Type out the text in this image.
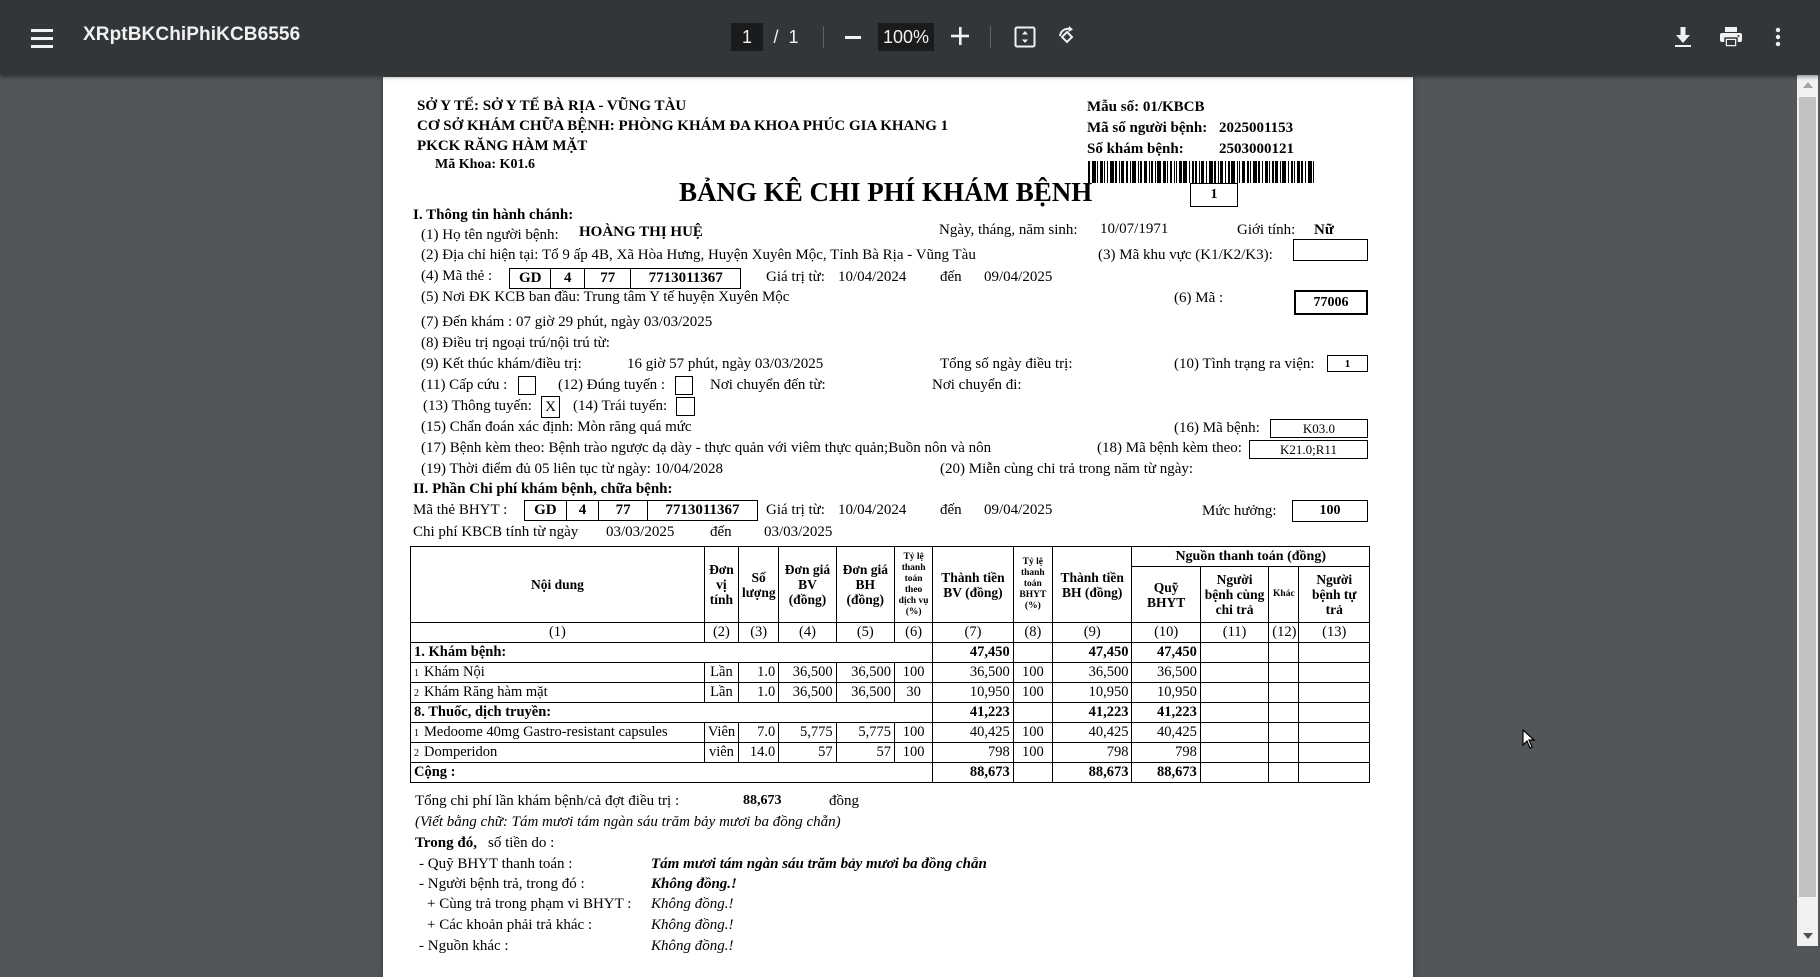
XRptBKChiPhiKCB6556	1	/
1	100%
SỞ Y TẾ: SỞ Y TẾ BÀ RỊA - VŨNG TÀU
CƠ SỞ KHÁM CHỮA BỆNH: PHÒNG KHÁM ĐA KHOA PHÚC GIA KHANG 1
PKCK RĂNG HÀM MẶT
Mã Khoa: K01.6
Mẫu số: 01/KBCB
Mã số người bệnh: 2025001153
Số khám bệnh: 2503000121
BẢNG KÊ CHI PHÍ KHÁM BỆNH	1
I. Thông tin hành chánh:
(1) Họ tên người bệnh: HOÀNG THỊ HUỆ	Ngày, tháng, năm sinh: 10/07/1971	Giới tính: Nữ
(2) Địa chỉ hiện tại: Tổ 9 ấp 4B, Xã Hòa Hưng, Huyện Xuyên Mộc, Tỉnh Bà Rịa - Vũng Tàu	(3) Mã khu vực (K1/K2/K3):
(4) Mã thẻ :	GD	4	77	7713011367	Giá trị từ: 10/04/2024 đến 09/04/2025
(5) Nơi ĐK KCB ban đầu: Trung tâm Y tế huyện Xuyên Mộc	(6) Mã :	77006
(7) Đến khám : 07 giờ 29 phút, ngày 03/03/2025
(8) Điều trị ngoại trú/nội trú từ:
(9) Kết thúc khám/điều trị:	16 giờ 57 phút, ngày 03/03/2025	Tổng số ngày điều trị:	(10) Tình trạng ra viện:	1
(11) Cấp cứu :	(12) Đúng tuyến :	Nơi chuyển đến từ:	Nơi chuyển đi:
(13) Thông tuyến: X (14) Trái tuyến:
(15) Chẩn đoán xác định: Mòn răng quá mức	(16) Mã bệnh:	K03.0
(17) Bệnh kèm theo: Bệnh trào ngược dạ dày - thực quản với viêm thực quản;Buồn nôn và nôn	(18) Mã bệnh kèm theo:	K21.0;R11
(19) Thời điểm đủ 05 liên tục từ ngày: 10/04/2028	(20) Miễn cùng chi trả trong năm từ ngày:
II. Phần Chi phí khám bệnh, chữa bệnh:
Mã thẻ BHYT :	GD	4	77	7713011367	Giá trị từ: 10/04/2024 đến 09/04/2025	Mức hưởng:	100
Chi phí KBCB tính từ ngày 03/03/2025 đến 03/03/2025
Nội dung	Đơn vị tính	Số lượng	Đơn giá BV (đồng)	Đơn giá BH (đồng)	Tỷ lệ thanh toán theo dịch vụ (%)	Thành tiền BV (đồng)	Tỷ lệ thanh toán BHYT (%)	Thành tiền BH (đồng)	Nguồn thanh toán (đồng)			
									Quỹ BHYT	Người bệnh cùng chi trả	Khác	Người bệnh tự trả
(1)	(2)	(3)	(4)	(5)	(6)	(7)	(8)	(9)	(10)	(11)	(12)	(13)
1. Khám bệnh:						47,450		47,450	47,450			
1 Khám Nội	Lần	1.0	36,500	36,500	100	36,500	100	36,500	36,500			
2 Khám Răng hàm mặt	Lần	1.0	36,500	36,500	30	10,950	100	10,950	10,950			
8. Thuốc, dịch truyền:						41,223		41,223	41,223			
1 Medoome 40mg Gastro-resistant capsules	Viên	7.0	5,775	5,775	100	40,425	100	40,425	40,425			
2 Domperidon	viên	14.0	57	57	100	798	100	798	798			
Cộng :						88,673		88,673	88,673			
Tổng chi phí lần khám bệnh/cả đợt điều trị :	88,673	đồng
(Viết bằng chữ: Tám mươi tám ngàn sáu trăm bảy mươi ba đồng chẵn)
Trong đó, số tiền do :
- Quỹ BHYT thanh toán :	Tám mươi tám ngàn sáu trăm bảy mươi ba đồng chẵn
- Người bệnh trả, trong đó :	Không đồng.!
+ Cùng trả trong phạm vi BHYT : Không đồng.!
+ Các khoản phải trả khác :	Không đồng.!
- Nguồn khác :	Không đồng.!
